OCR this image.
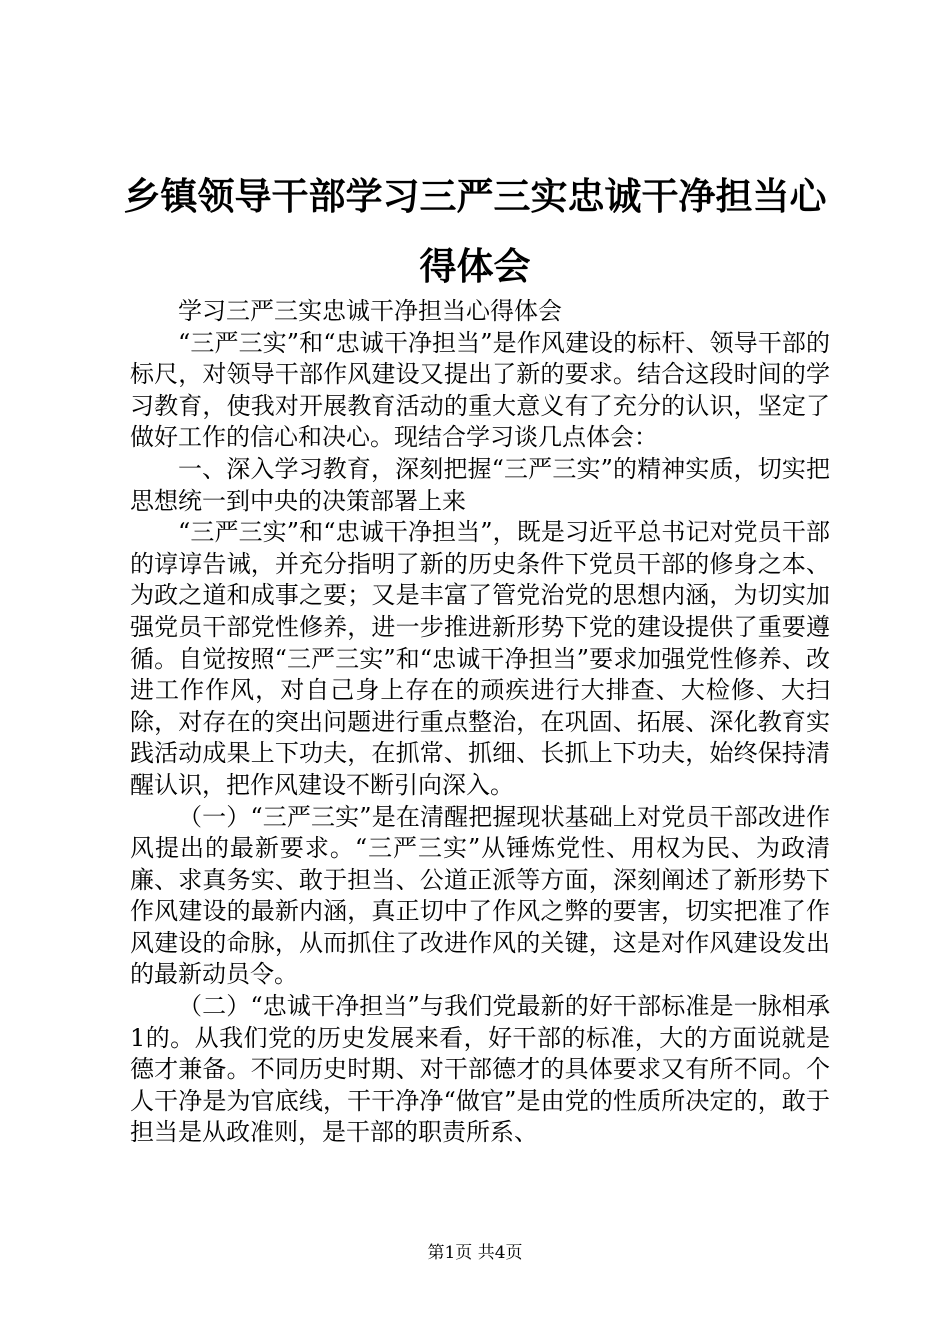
乡镇领导干部学习三严三实忠诚干净担当心得体会

学习三严三实忠诚干净担当心得体会

“三严三实”和“忠诚干净担当”是作风建设的标杆、领导干部的标尺，对领导干部作风建设又提出了新的要求。结合这段时间的学习教育，使我对开展教育活动的重大意义有了充分的认识，坚定了做好工作的信心和决心。现结合学习谈几点体会：

一、深入学习教育，深刻把握“三严三实”的精神实质，切实把思想统一到中央的决策部署上来

“三严三实”和“忠诚干净担当”，既是习近平总书记对党员干部的谆谆告诫，并充分指明了新的历史条件下党员干部的修身之本、为政之道和成事之要；又是丰富了管党治党的思想内涵，为切实加强党员干部党性修养，进一步推进新形势下党的建设提供了重要遵循。自觉按照“三严三实”和“忠诚干净担当”要求加强党性修养、改进工作作风，对自己身上存在的顽疾进行大排查、大检修、大扫除，对存在的突出问题进行重点整治，在巩固、拓展、深化教育实践活动成果上下功夫，在抓常、抓细、长抓上下功夫，始终保持清醒认识，把作风建设不断引向深入。

（一）“三严三实”是在清醒把握现状基础上对党员干部改进作风提出的最新要求。“三严三实”从锤炼党性、用权为民、为政清廉、求真务实、敢于担当、公道正派等方面，深刻阐述了新形势下作风建设的最新内涵，真正切中了作风之弊的要害，切实把准了作风建设的命脉，从而抓住了改进作风的关键，这是对作风建设发出的最新动员令。

（二）“忠诚干净担当”与我们党最新的好干部标准是一脉相承1的。从我们党的历史发展来看，好干部的标准，大的方面说就是德才兼备。不同历史时期、对干部德才的具体要求又有所不同。个人干净是为官底线，干干净净“做官”是由党的性质所决定的，敢于担当是从政准则，是干部的职责所系、

第1页 共4页
